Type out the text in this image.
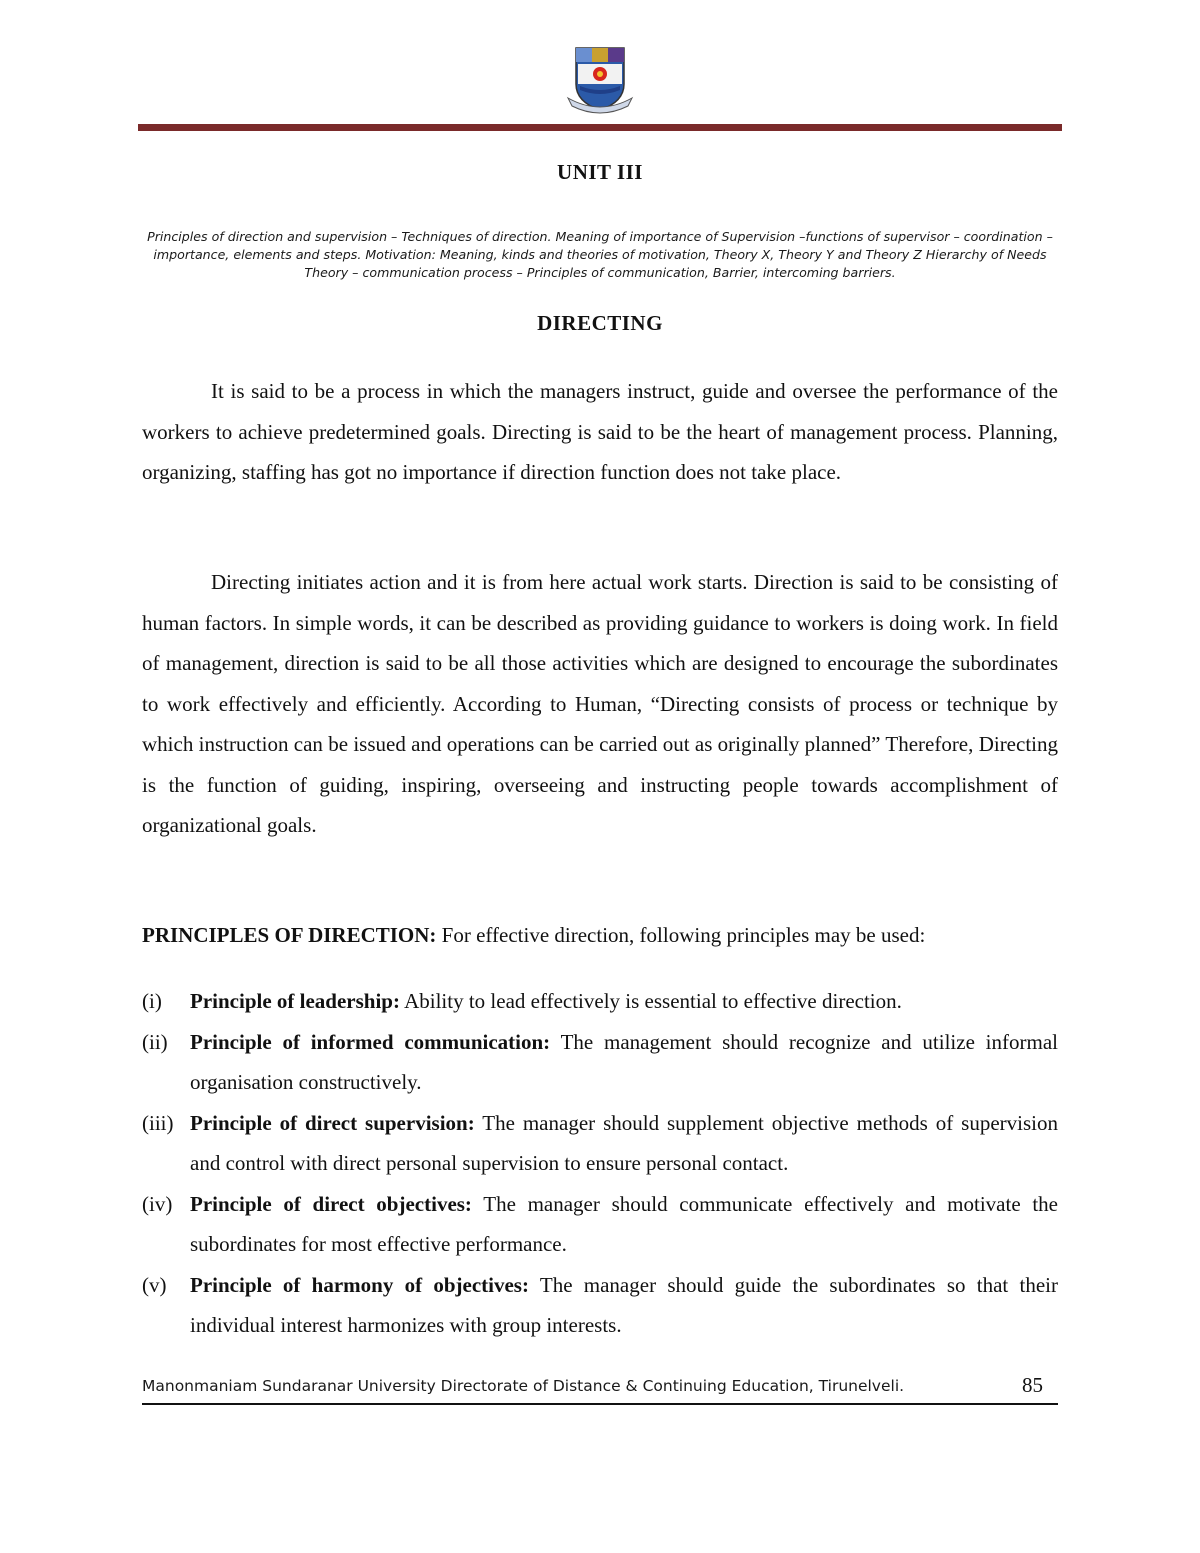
UNIT III
Principles of direction and supervision – Techniques of direction. Meaning of importance of Supervision –functions of supervisor – coordination – importance, elements and steps. Motivation: Meaning, kinds and theories of motivation, Theory X, Theory Y and Theory Z Hierarchy of Needs Theory – communication process – Principles of communication, Barrier, intercoming barriers.
DIRECTING

It is said to be a process in which the managers instruct, guide and oversee the performance of the workers to achieve predetermined goals. Directing is said to be the heart of management process. Planning, organizing, staffing has got no importance if direction function does not take place.

Directing initiates action and it is from here actual work starts. Direction is said to be consisting of human factors. In simple words, it can be described as providing guidance to workers is doing work. In field of management, direction is said to be all those activities which are designed to encourage the subordinates to work effectively and efficiently. According to Human, “Directing consists of process or technique by which instruction can be issued and operations can be carried out as originally planned” Therefore, Directing is the function of guiding, inspiring, overseeing and instructing people towards accomplishment of organizational goals.

PRINCIPLES OF DIRECTION: For effective direction, following principles may be used:

(i) Principle of leadership: Ability to lead effectively is essential to effective direction.
(ii) Principle of informed communication: The management should recognize and utilize informal organisation constructively.
(iii) Principle of direct supervision: The manager should supplement objective methods of supervision and control with direct personal supervision to ensure personal contact.
(iv) Principle of direct objectives: The manager should communicate effectively and motivate the subordinates for most effective performance.
(v) Principle of harmony of objectives: The manager should guide the subordinates so that their individual interest harmonizes with group interests.
Manonmaniam Sundaranar University Directorate of Distance & Continuing Education, Tirunelveli.	85
